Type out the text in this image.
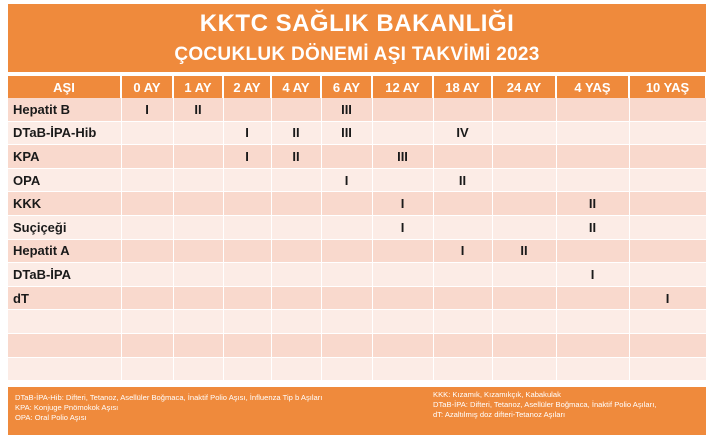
KKTC SAĞLIK BAKANLIĞI
ÇOCUKLUK DÖNEMİ AŞI TAKVİMİ 2023
AŞI	0 AY	1 AY	2 AY	4 AY	6 AY	12 AY	18 AY	24 AY	4 YAŞ	10 YAŞ
Hepatit B	I	II			III					
DTaB-İPA-Hib			I	II	III		IV			
KPA			I	II		III				
OPA					I		II			
KKK						I			II	
Suçiçeği						I			II	
Hepatit A							I	II		
DTaB-İPA									I	
dT										I

DTaB-İPA-Hib: Difteri, Tetanoz, Asellüler Boğmaca, İnaktif Polio Aşısı, İnfluenza Tip b Aşıları
KPA: Konjuge Pnömokok Aşısı
OPA: Oral Polio Aşısı
KKK: Kızamık, Kızamıkçık, Kabakulak
DTaB-İPA: Difteri, Tetanoz, Asellüler Boğmaca, İnaktif Polio Aşıları,
dT: Azaltılmış doz difteri-Tetanoz Aşıları
